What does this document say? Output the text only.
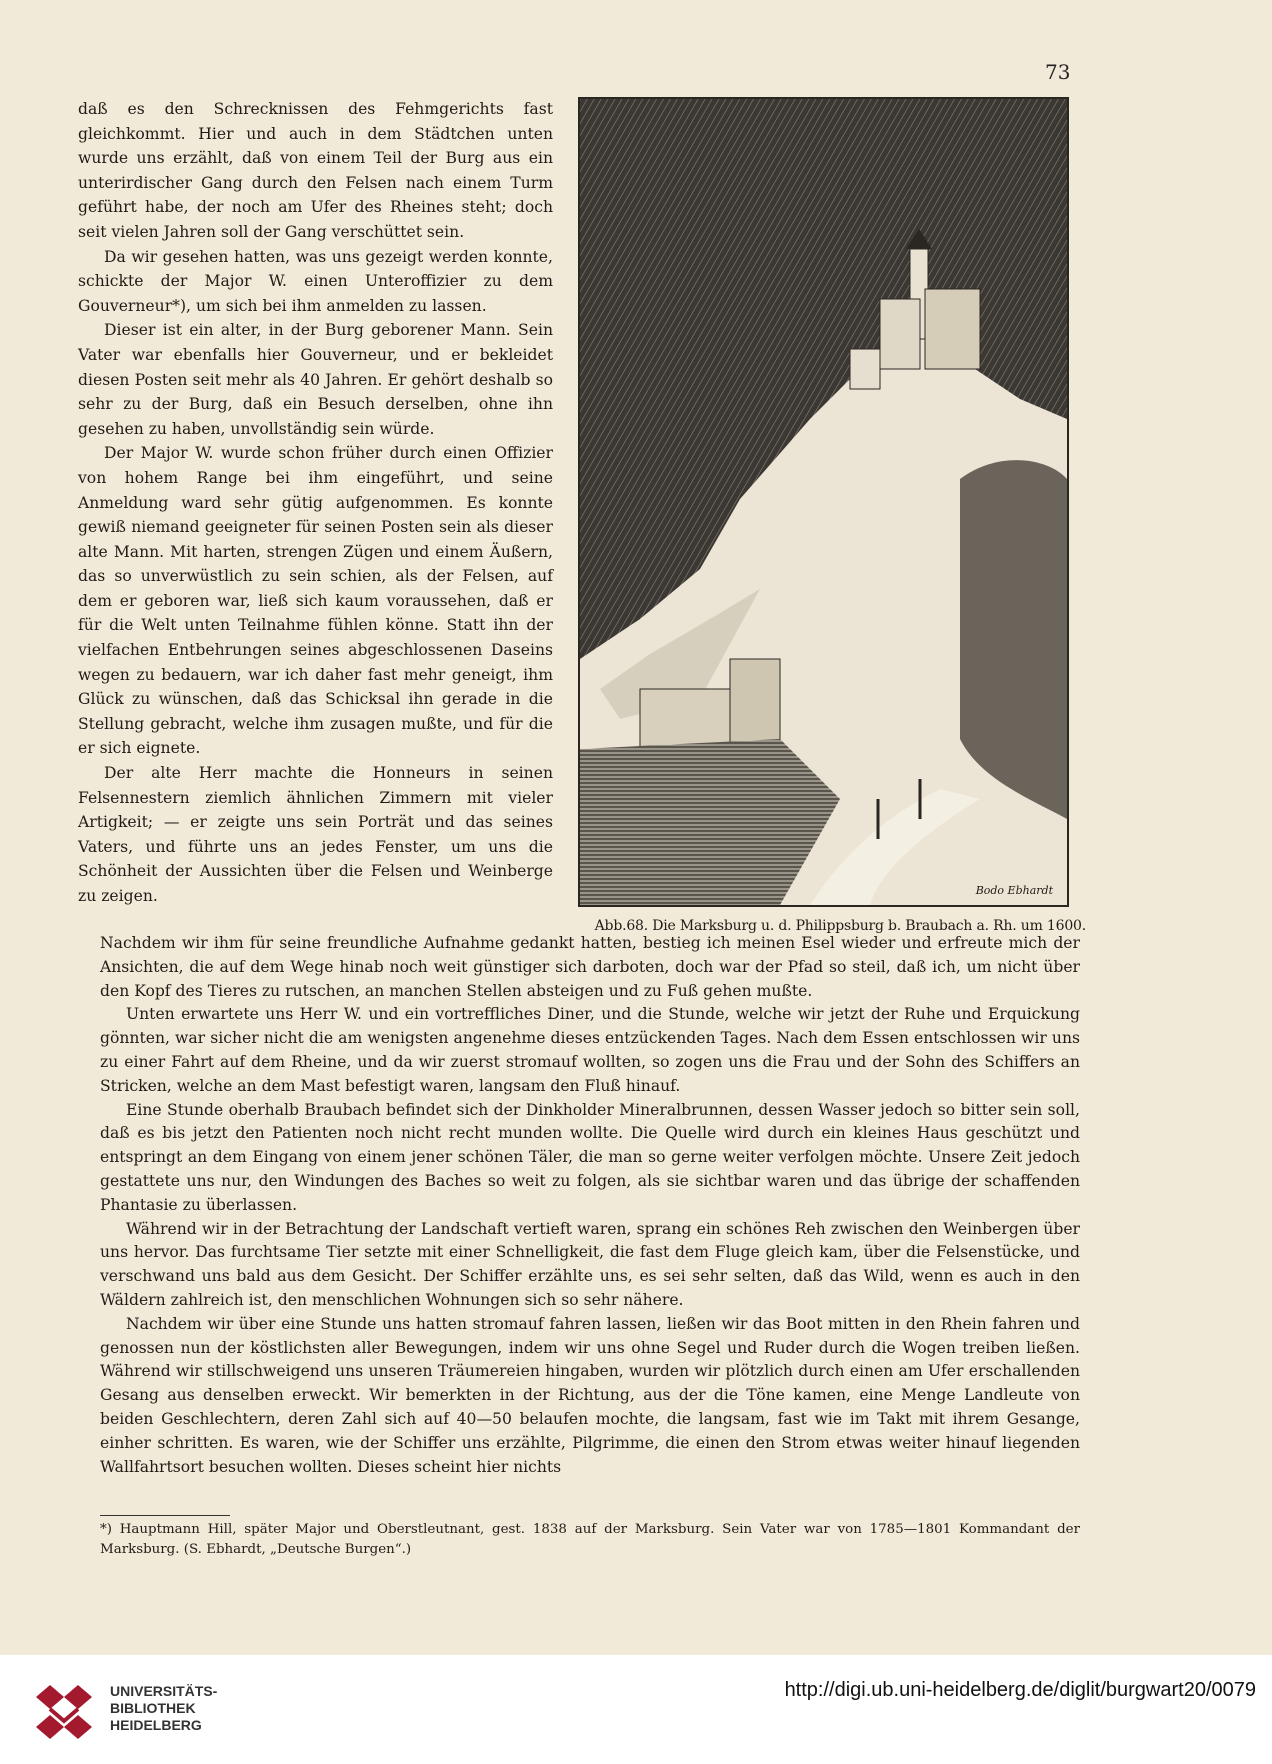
73

daß es den Schrecknissen des Fehmgerichts fast gleichkommt. Hier und auch in dem Städtchen unten wurde uns erzählt, daß von einem Teil der Burg aus ein unterirdischer Gang durch den Felsen nach einem Turm geführt habe, der noch am Ufer des Rheines steht; doch seit vielen Jahren soll der Gang verschüttet sein.

Da wir gesehen hatten, was uns gezeigt werden konnte, schickte der Major W. einen Unteroffizier zu dem Gouverneur*), um sich bei ihm anmelden zu lassen.

Dieser ist ein alter, in der Burg geborener Mann. Sein Vater war ebenfalls hier Gouverneur, und er bekleidet diesen Posten seit mehr als 40 Jahren. Er gehört deshalb so sehr zu der Burg, daß ein Besuch derselben, ohne ihn gesehen zu haben, unvollständig sein würde.

Der Major W. wurde schon früher durch einen Offizier von hohem Range bei ihm eingeführt, und seine Anmeldung ward sehr gütig aufgenommen. Es konnte gewiß niemand geeigneter für seinen Posten sein als dieser alte Mann. Mit harten, strengen Zügen und einem Äußern, das so unverwüstlich zu sein schien, als der Felsen, auf dem er geboren war, ließ sich kaum voraussehen, daß er für die Welt unten Teilnahme fühlen könne. Statt ihn der vielfachen Entbehrungen seines abgeschlossenen Daseins wegen zu bedauern, war ich daher fast mehr geneigt, ihm Glück zu wünschen, daß das Schicksal ihn gerade in die Stellung gebracht, welche ihm zusagen mußte, und für die er sich eignete.

Der alte Herr machte die Honneurs in seinen Felsennestern ziemlich ähnlichen Zimmern mit vieler Artigkeit; — er zeigte uns sein Porträt und das seines Vaters, und führte uns an jedes Fenster, um uns die Schönheit der Aussichten über die Felsen und Weinberge zu zeigen.	Bodo Ebhardt
Abb.68. Die Marksburg u. d. Philippsburg b. Braubach a. Rh. um 1600.

Nachdem wir ihm für seine freundliche Aufnahme gedankt hatten, bestieg ich meinen Esel wieder und erfreute mich der Ansichten, die auf dem Wege hinab noch weit günstiger sich darboten, doch war der Pfad so steil, daß ich, um nicht über den Kopf des Tieres zu rutschen, an manchen Stellen absteigen und zu Fuß gehen mußte.

Unten erwartete uns Herr W. und ein vortreffliches Diner, und die Stunde, welche wir jetzt der Ruhe und Erquickung gönnten, war sicher nicht die am wenigsten angenehme dieses entzückenden Tages. Nach dem Essen entschlossen wir uns zu einer Fahrt auf dem Rheine, und da wir zuerst stromauf wollten, so zogen uns die Frau und der Sohn des Schiffers an Stricken, welche an dem Mast befestigt waren, langsam den Fluß hinauf.

Eine Stunde oberhalb Braubach befindet sich der Dinkholder Mineralbrunnen, dessen Wasser jedoch so bitter sein soll, daß es bis jetzt den Patienten noch nicht recht munden wollte. Die Quelle wird durch ein kleines Haus geschützt und entspringt an dem Eingang von einem jener schönen Täler, die man so gerne weiter verfolgen möchte. Unsere Zeit jedoch gestattete uns nur, den Windungen des Baches so weit zu folgen, als sie sichtbar waren und das übrige der schaffenden Phantasie zu überlassen.

Während wir in der Betrachtung der Landschaft vertieft waren, sprang ein schönes Reh zwischen den Weinbergen über uns hervor. Das furchtsame Tier setzte mit einer Schnelligkeit, die fast dem Fluge gleich kam, über die Felsenstücke, und verschwand uns bald aus dem Gesicht. Der Schiffer erzählte uns, es sei sehr selten, daß das Wild, wenn es auch in den Wäldern zahlreich ist, den menschlichen Wohnungen sich so sehr nähere.

Nachdem wir über eine Stunde uns hatten stromauf fahren lassen, ließen wir das Boot mitten in den Rhein fahren und genossen nun der köstlichsten aller Bewegungen, indem wir uns ohne Segel und Ruder durch die Wogen treiben ließen. Während wir stillschweigend uns unseren Träumereien hingaben, wurden wir plötzlich durch einen am Ufer erschallenden Gesang aus denselben erweckt. Wir bemerkten in der Richtung, aus der die Töne kamen, eine Menge Landleute von beiden Geschlechtern, deren Zahl sich auf 40—50 belaufen mochte, die langsam, fast wie im Takt mit ihrem Gesange, einher schritten. Es waren, wie der Schiffer uns erzählte, Pilgrimme, die einen den Strom etwas weiter hinauf liegenden Wallfahrtsort besuchen wollten. Dieses scheint hier nichts

*) Hauptmann Hill, später Major und Oberstleutnant, gest. 1838 auf der Marksburg. Sein Vater war von 1785—1801 Kommandant der Marksburg. (S. Ebhardt, „Deutsche Burgen“.)
UNIVERSITÄTS-
BIBLIOTHEK
HEIDELBERG
http://digi.ub.uni-heidelberg.de/diglit/burgwart20/0079
